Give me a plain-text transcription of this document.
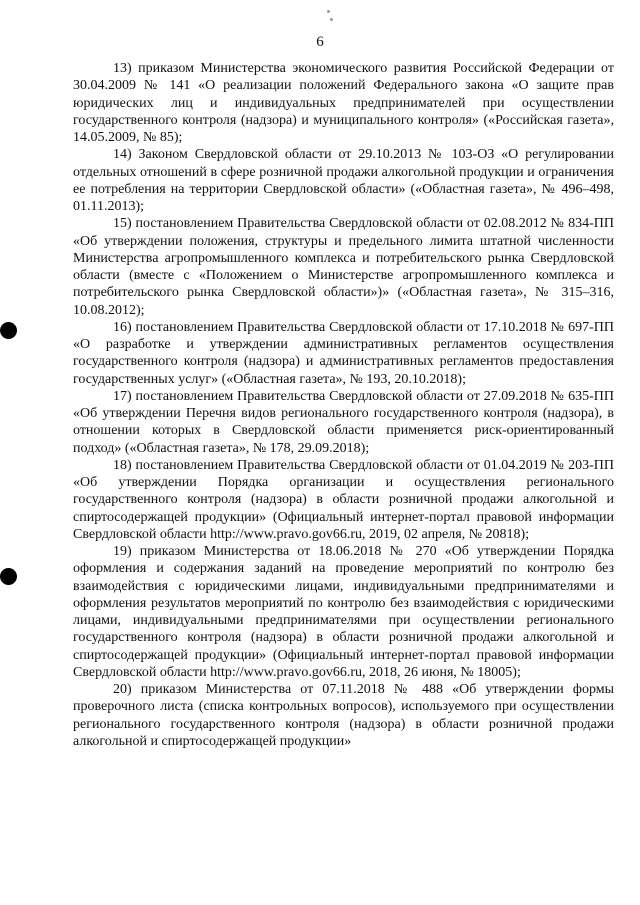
6

13) приказом Министерства экономического развития Российской Федерации от 30.04.2009 № 141 «О реализации положений Федерального закона «О защите прав юридических лиц и индивидуальных предпринимателей при осуществлении государственного контроля (надзора) и муниципального контроля» («Российская газета», 14.05.2009, № 85);

14) Законом Свердловской области от 29.10.2013 № 103-ОЗ «О регулировании отдельных отношений в сфере розничной продажи алкогольной продукции и ограничения ее потребления на территории Свердловской области» («Областная газета», № 496–498, 01.11.2013);

15) постановлением Правительства Свердловской области от 02.08.2012 № 834-ПП «Об утверждении положения, структуры и предельного лимита штатной численности Министерства агропромышленного комплекса и потребительского рынка Свердловской области (вместе с «Положением о Министерстве агропромышленного комплекса и потребительского рынка Свердловской области»)» («Областная газета», № 315–316, 10.08.2012);

16) постановлением Правительства Свердловской области от 17.10.2018 № 697-ПП «О разработке и утверждении административных регламентов осуществления государственного контроля (надзора) и административных регламентов предоставления государственных услуг» («Областная газета», № 193, 20.10.2018);

17) постановлением Правительства Свердловской области от 27.09.2018 № 635-ПП «Об утверждении Перечня видов регионального государственного контроля (надзора), в отношении которых в Свердловской области применяется риск-ориентированный подход» («Областная газета», № 178, 29.09.2018);

18) постановлением Правительства Свердловской области от 01.04.2019 № 203-ПП «Об утверждении Порядка организации и осуществления регионального государственного контроля (надзора) в области розничной продажи алкогольной и спиртосодержащей продукции» (Официальный интернет-портал правовой информации Свердловской области http://www.pravo.gov66.ru, 2019, 02 апреля, № 20818);

19) приказом Министерства от 18.06.2018 № 270 «Об утверждении Порядка оформления и содержания заданий на проведение мероприятий по контролю без взаимодействия с юридическими лицами, индивидуальными предпринимателями и оформления результатов мероприятий по контролю без взаимодействия с юридическими лицами, индивидуальными предпринимателями при осуществлении регионального государственного контроля (надзора) в области розничной продажи алкогольной и спиртосодержащей продукции» (Официальный интернет-портал правовой информации Свердловской области http://www.pravo.gov66.ru, 2018, 26 июня, № 18005);

20) приказом Министерства от 07.11.2018 № 488 «Об утверждении формы проверочного листа (списка контрольных вопросов), используемого при осуществлении регионального государственного контроля (надзора) в области розничной продажи алкогольной и спиртосодержащей продукции»
